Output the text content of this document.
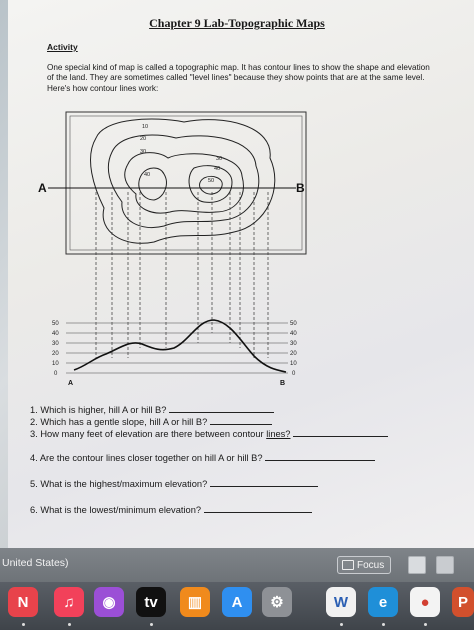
Chapter 9 Lab-Topographic Maps
Activity
One special kind of map is called a topographic map. It has contour lines to show the shape and elevation of the land. They are sometimes called "level lines" because they show points that are at the same level. Here's how contour lines work:
A	B
10
20
30
30
40
50
40
50
40
30
20
10
0
50
40
30
20
10
0
A	B
1. Which is higher, hill A or hill B?
2. Which has a gentle slope, hill A or hill B?
3. How many feet of elevation are there between contour lines?
4. Are the contour lines closer together on hill A or hill B?
5. What is the highest/maximum elevation?
6. What is the lowest/minimum elevation?
United States)	Focus
N	♫	◉	tv	▥	A	⚙	W	e	●	P
